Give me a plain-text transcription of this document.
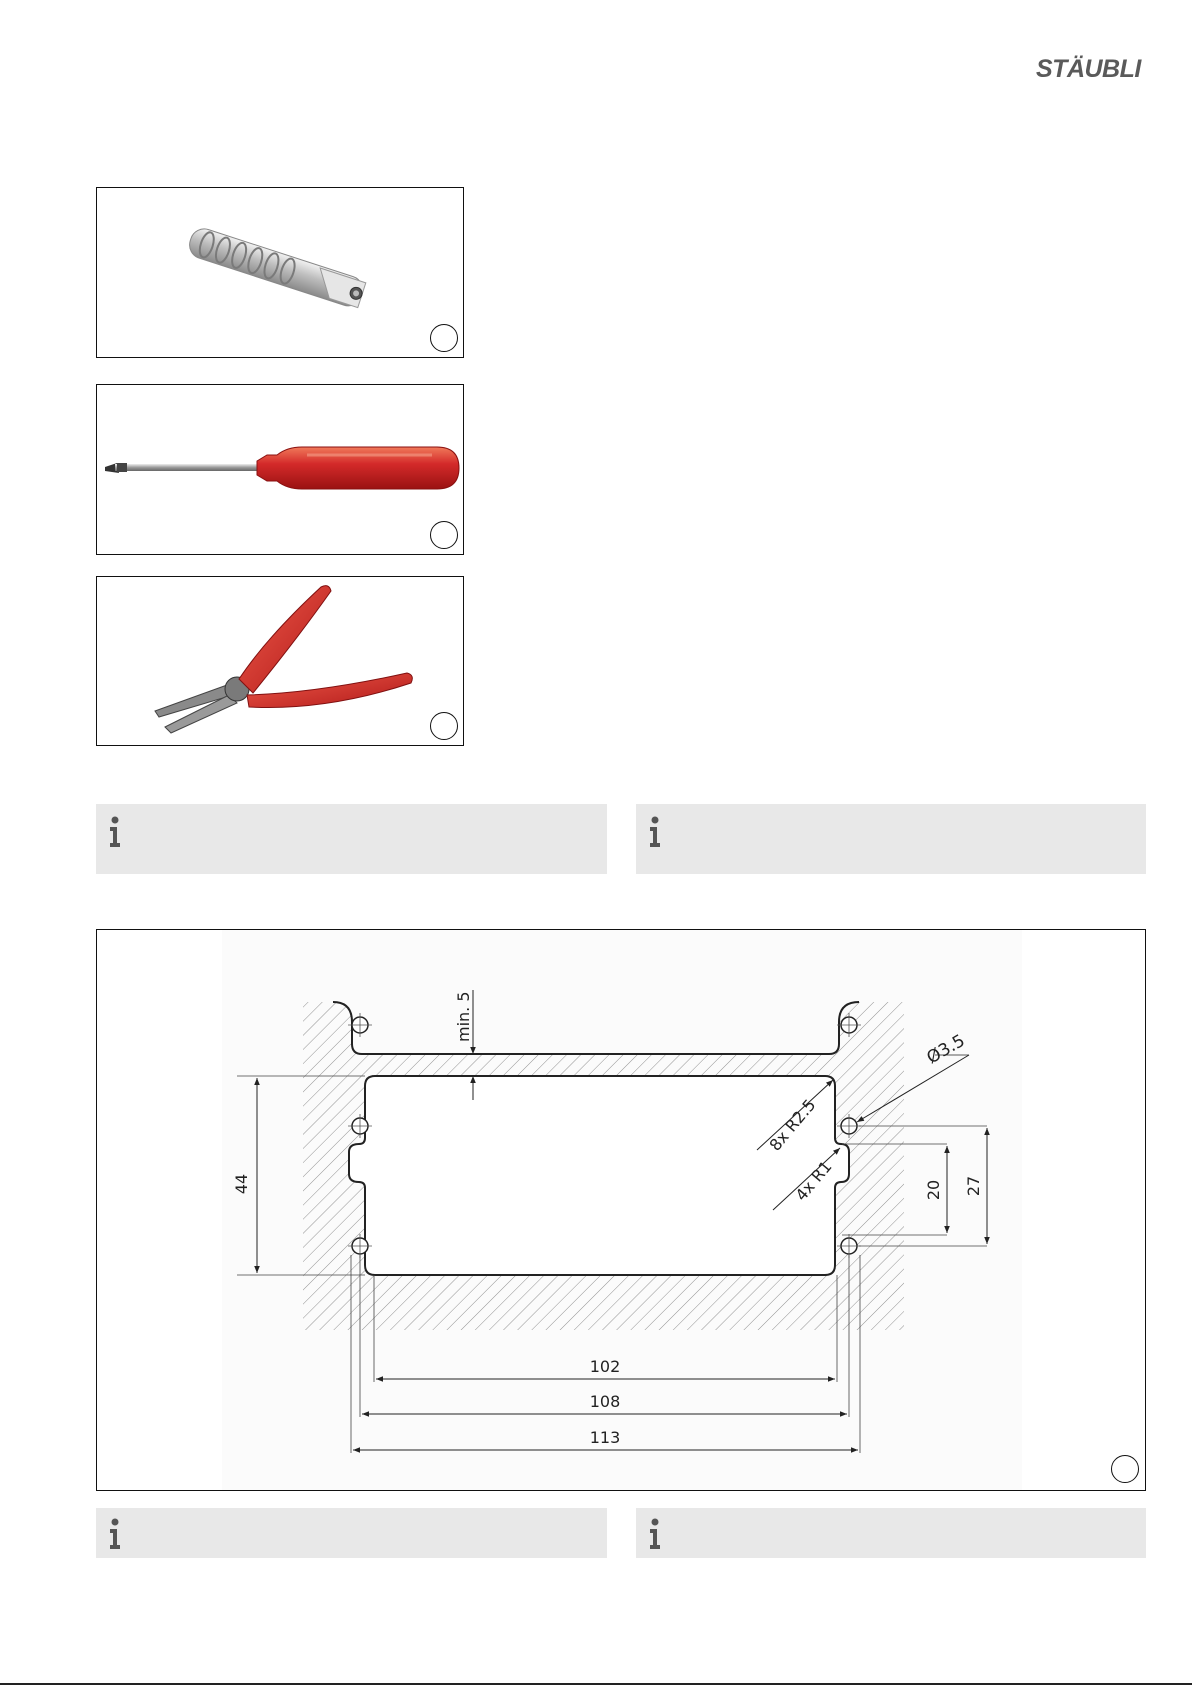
STÄUBLI
min. 5
44
8x R2.5
4x R1
Ø3.5
20 27
102
108
113
